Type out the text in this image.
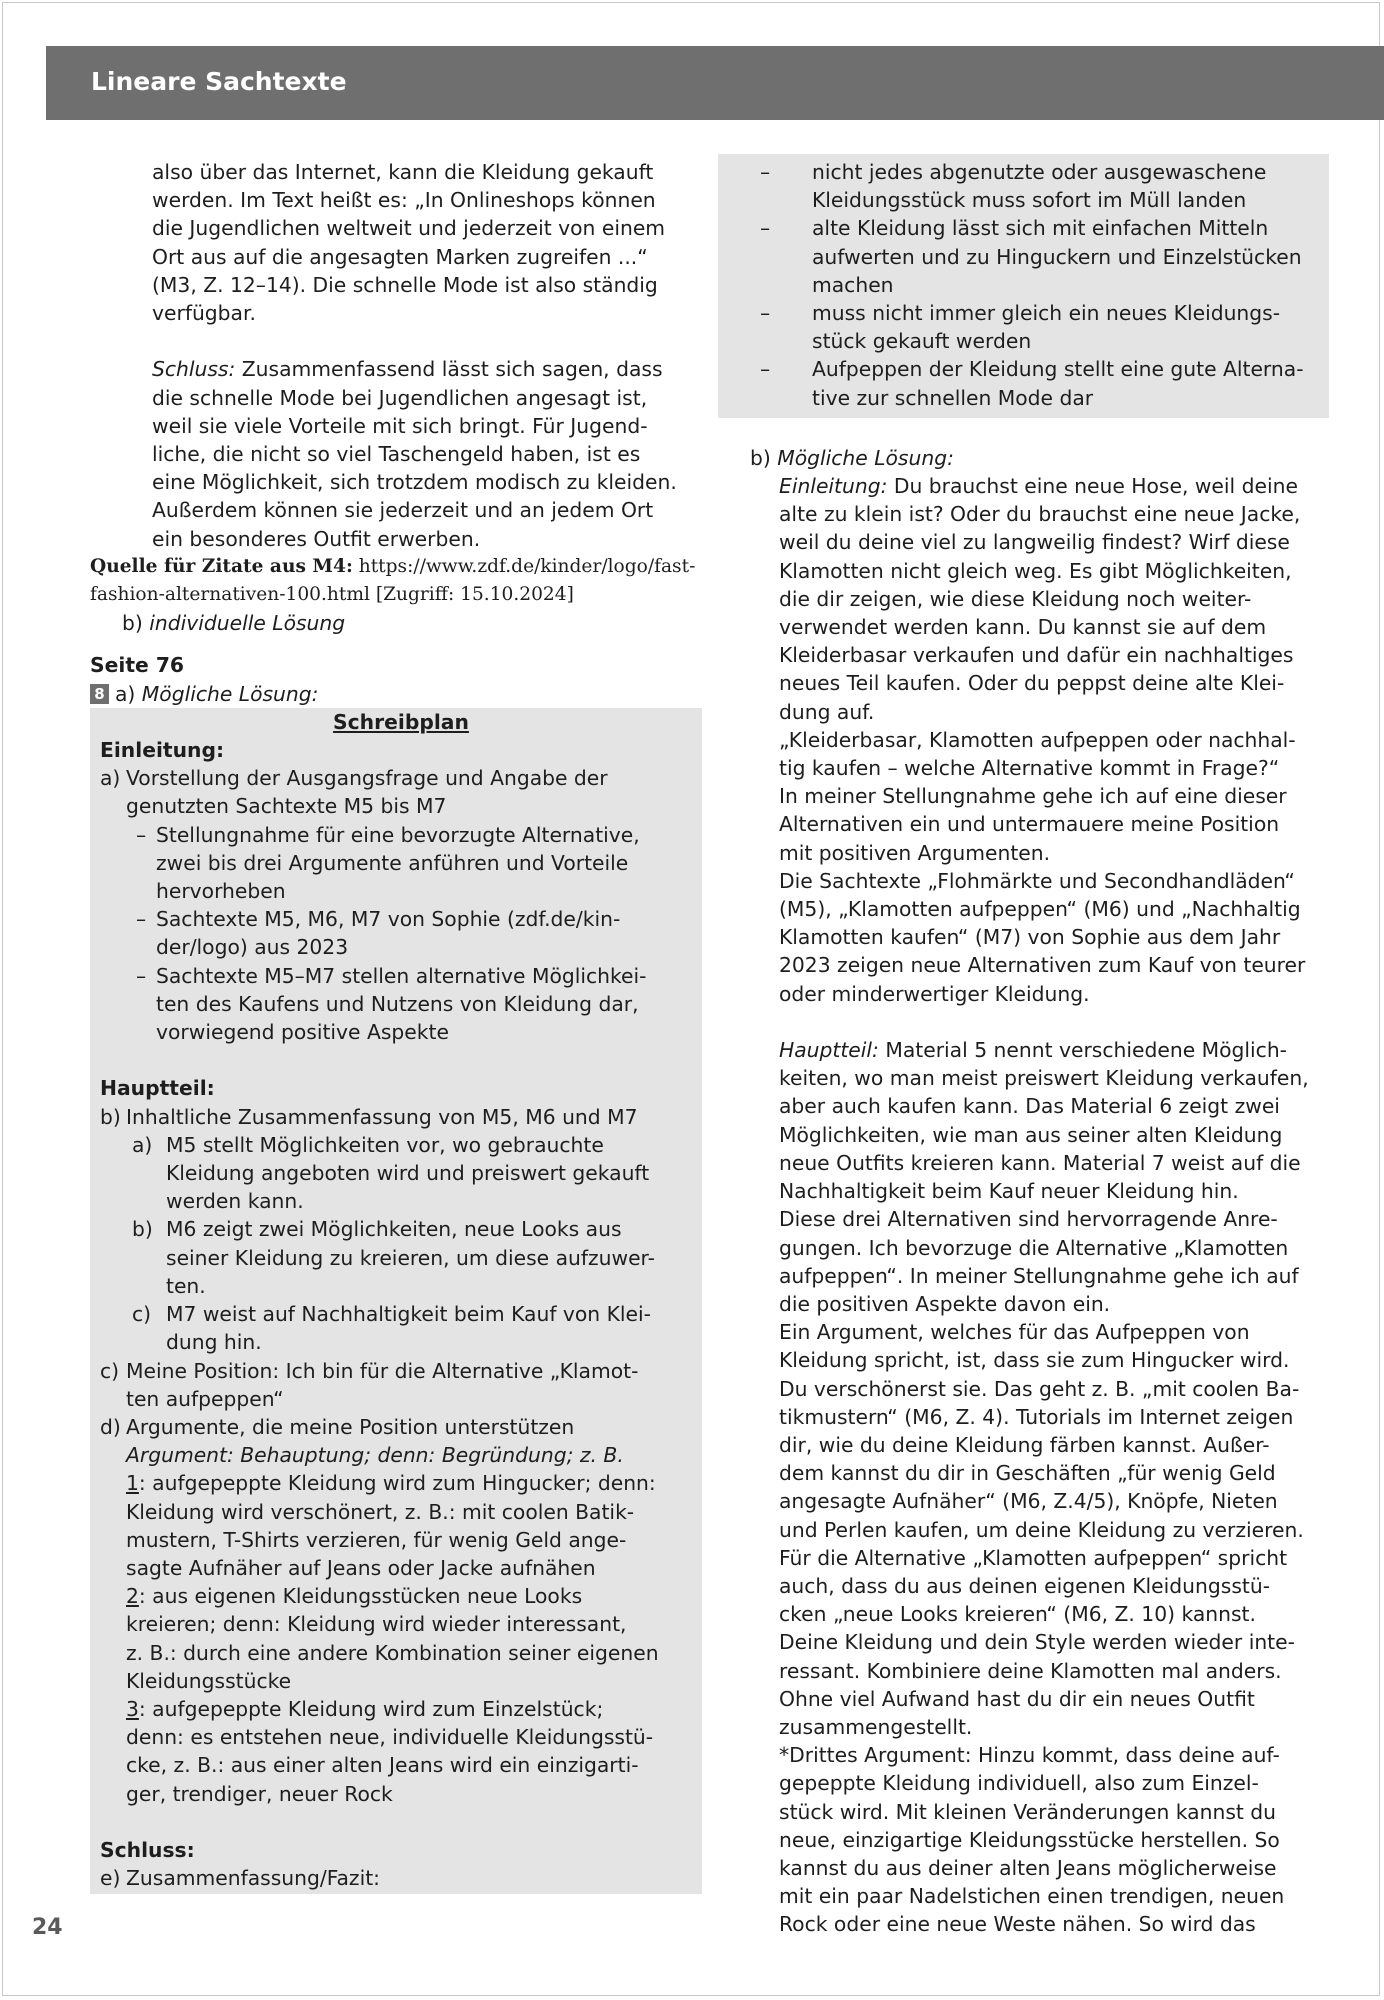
Lineare Sachtexte
also über das Internet, kann die Kleidung gekauft
werden. Im Text heißt es: „In Onlineshops können
die Jugendlichen weltweit und jederzeit von einem
Ort aus auf die angesagten Marken zugreifen ...“
(M3, Z. 12–14). Die schnelle Mode ist also ständig
verfügbar.
Schluss: Zusammenfassend lässt sich sagen, dass
die schnelle Mode bei Jugendlichen angesagt ist,
weil sie viele Vorteile mit sich bringt. Für Jugend-
liche, die nicht so viel Taschengeld haben, ist es
eine Möglichkeit, sich trotzdem modisch zu kleiden.
Außerdem können sie jederzeit und an jedem Ort
ein besonderes Outfit erwerben.
Quelle für Zitate aus M4: https://www.zdf.de/kinder/logo/fast-
fashion-alternativen-100.html [Zugriff: 15.10.2024]
b) individuelle Lösung
Seite 76
8 a) Mögliche Lösung:
Schreibplan
Einleitung:
a) Vorstellung der Ausgangsfrage und Angabe der
genutzten Sachtexte M5 bis M7
– Stellungnahme für eine bevorzugte Alternative,
zwei bis drei Argumente anführen und Vorteile
hervorheben
– Sachtexte M5, M6, M7 von Sophie (zdf.de/kin-
der/logo) aus 2023
– Sachtexte M5–M7 stellen alternative Möglichkei-
ten des Kaufens und Nutzens von Kleidung dar,
vorwiegend positive Aspekte
Hauptteil:
b) Inhaltliche Zusammenfassung von M5, M6 und M7
a) M5 stellt Möglichkeiten vor, wo gebrauchte
Kleidung angeboten wird und preiswert gekauft
werden kann.
b) M6 zeigt zwei Möglichkeiten, neue Looks aus
seiner Kleidung zu kreieren, um diese aufzuwer-
ten.
c) M7 weist auf Nachhaltigkeit beim Kauf von Klei-
dung hin.
c) Meine Position: Ich bin für die Alternative „Klamot-
ten aufpeppen“
d) Argumente, die meine Position unterstützen
Argument: Behauptung; denn: Begründung; z. B.
1: aufgepeppte Kleidung wird zum Hingucker; denn:
Kleidung wird verschönert, z. B.: mit coolen Batik-
mustern, T-Shirts verzieren, für wenig Geld ange-
sagte Aufnäher auf Jeans oder Jacke aufnähen
2: aus eigenen Kleidungsstücken neue Looks
kreieren; denn: Kleidung wird wieder interessant,
z. B.: durch eine andere Kombination seiner eigenen
Kleidungsstücke
3: aufgepeppte Kleidung wird zum Einzelstück;
denn: es entstehen neue, individuelle Kleidungsstü-
cke, z. B.: aus einer alten Jeans wird ein einzigarti-
ger, trendiger, neuer Rock
Schluss:
e) Zusammenfassung/Fazit:
– nicht jedes abgenutzte oder ausgewaschene
Kleidungsstück muss sofort im Müll landen
– alte Kleidung lässt sich mit einfachen Mitteln
aufwerten und zu Hinguckern und Einzelstücken
machen
– muss nicht immer gleich ein neues Kleidungs-
stück gekauft werden
– Aufpeppen der Kleidung stellt eine gute Alterna-
tive zur schnellen Mode dar
b) Mögliche Lösung:
Einleitung: Du brauchst eine neue Hose, weil deine
alte zu klein ist? Oder du brauchst eine neue Jacke,
weil du deine viel zu langweilig findest? Wirf diese
Klamotten nicht gleich weg. Es gibt Möglichkeiten,
die dir zeigen, wie diese Kleidung noch weiter-
verwendet werden kann. Du kannst sie auf dem
Kleiderbasar verkaufen und dafür ein nachhaltiges
neues Teil kaufen. Oder du peppst deine alte Klei-
dung auf.
„Kleiderbasar, Klamotten aufpeppen oder nachhal-
tig kaufen – welche Alternative kommt in Frage?“
In meiner Stellungnahme gehe ich auf eine dieser
Alternativen ein und untermauere meine Position
mit positiven Argumenten.
Die Sachtexte „Flohmärkte und Secondhandläden“
(M5), „Klamotten aufpeppen“ (M6) und „Nachhaltig
Klamotten kaufen“ (M7) von Sophie aus dem Jahr
2023 zeigen neue Alternativen zum Kauf von teurer
oder minderwertiger Kleidung.
Hauptteil: Material 5 nennt verschiedene Möglich-
keiten, wo man meist preiswert Kleidung verkaufen,
aber auch kaufen kann. Das Material 6 zeigt zwei
Möglichkeiten, wie man aus seiner alten Kleidung
neue Outfits kreieren kann. Material 7 weist auf die
Nachhaltigkeit beim Kauf neuer Kleidung hin.
Diese drei Alternativen sind hervorragende Anre-
gungen. Ich bevorzuge die Alternative „Klamotten
aufpeppen“. In meiner Stellungnahme gehe ich auf
die positiven Aspekte davon ein.
Ein Argument, welches für das Aufpeppen von
Kleidung spricht, ist, dass sie zum Hingucker wird.
Du verschönerst sie. Das geht z. B. „mit coolen Ba-
tikmustern“ (M6, Z. 4). Tutorials im Internet zeigen
dir, wie du deine Kleidung färben kannst. Außer-
dem kannst du dir in Geschäften „für wenig Geld
angesagte Aufnäher“ (M6, Z.4/5), Knöpfe, Nieten
und Perlen kaufen, um deine Kleidung zu verzieren.
Für die Alternative „Klamotten aufpeppen“ spricht
auch, dass du aus deinen eigenen Kleidungsstü-
cken „neue Looks kreieren“ (M6, Z. 10) kannst.
Deine Kleidung und dein Style werden wieder inte-
ressant. Kombiniere deine Klamotten mal anders.
Ohne viel Aufwand hast du dir ein neues Outfit
zusammengestellt.
*Drittes Argument: Hinzu kommt, dass deine auf-
gepeppte Kleidung individuell, also zum Einzel-
stück wird. Mit kleinen Veränderungen kannst du
neue, einzigartige Kleidungsstücke herstellen. So
kannst du aus deiner alten Jeans möglicherweise
mit ein paar Nadelstichen einen trendigen, neuen
Rock oder eine neue Weste nähen. So wird das
24
